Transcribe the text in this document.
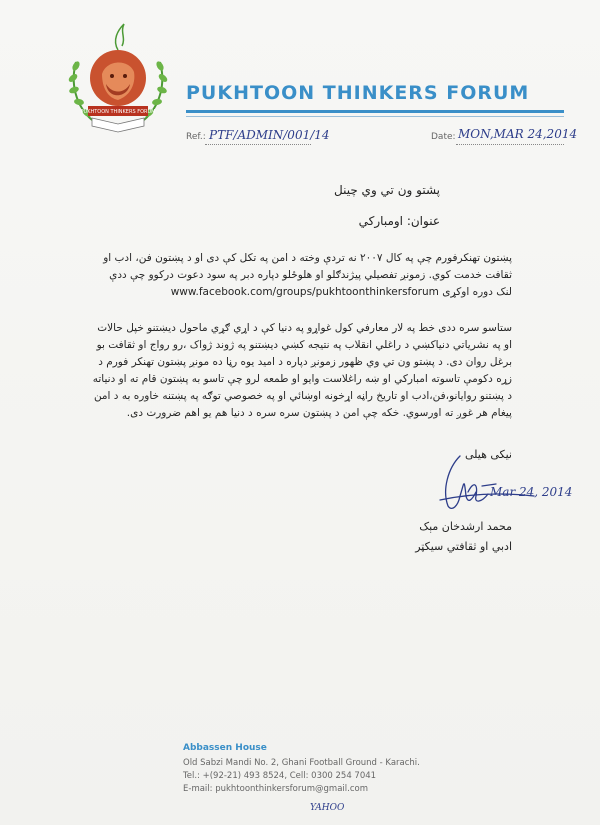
PUKHTOON THINKERS FORUM
PUKHTOON THINKERS FORUM
Ref.: PTF/ADMIN/001/14	Date: MON,MAR 24,2014
پشتو ون تي وي چينل
عنوان: اومبارکي
پښتون تهنکرفورم چې په کال ۲۰۰۷ نه تردې وخته د امن په تکل کې دی او د پښتون فن، ادب او
ثقافت خدمت کوي. زمونږ تفصيلي پيژندګلو او هلوځلو دپاره دبر په سود دعوت درکوو چې ددې
لنک دوره اوکړی www.facebook.com/groups/pukhtoonthinkersforum
ستاسو سره ددی خط په لار معارفي کول غواړو په دنيا کې د اړي ګړي ماحول ديښتنو خپل حالات
او په نشرياتي دنياکښي د راغلي انقلاب په نتيجه کښي ديښتنو په ژوند ژواک ،رو رواج او ثقافت بو
برغل روان دی. د پښتو ون تي وي ظهور زمونږ دپاره د اميد يوه رڼا ده مونږ پښتون تهنکر فورم د
زړه دکومې تاسوته امبارکي او ښه راغلاست وايو او طمعه لرو چې تاسو به پښتون قام ته او دنياته
د پښتنو روايانو،فن،ادب او تاريخ راڼه اړخونه اوښائي او په خصوصي توګه په پښتنه خاوره به د امن
پيغام هر غوږ ته اورسوي. خکه چې امن د پښتون سره سره د دنيا هم يو اهم ضرورت دی.
نيکی هيلی
Mar 24, 2014
محمد ارشدخان مېک
ادبي او ثقافتي سيکټر
Abbassen House
Old Sabzi Mandi No. 2, Ghani Football Ground - Karachi.
Tel.: +(92-21) 493 8524, Cell: 0300 254 7041
E-mail: pukhtoonthinkersforum@gmail.com
YAHOO
